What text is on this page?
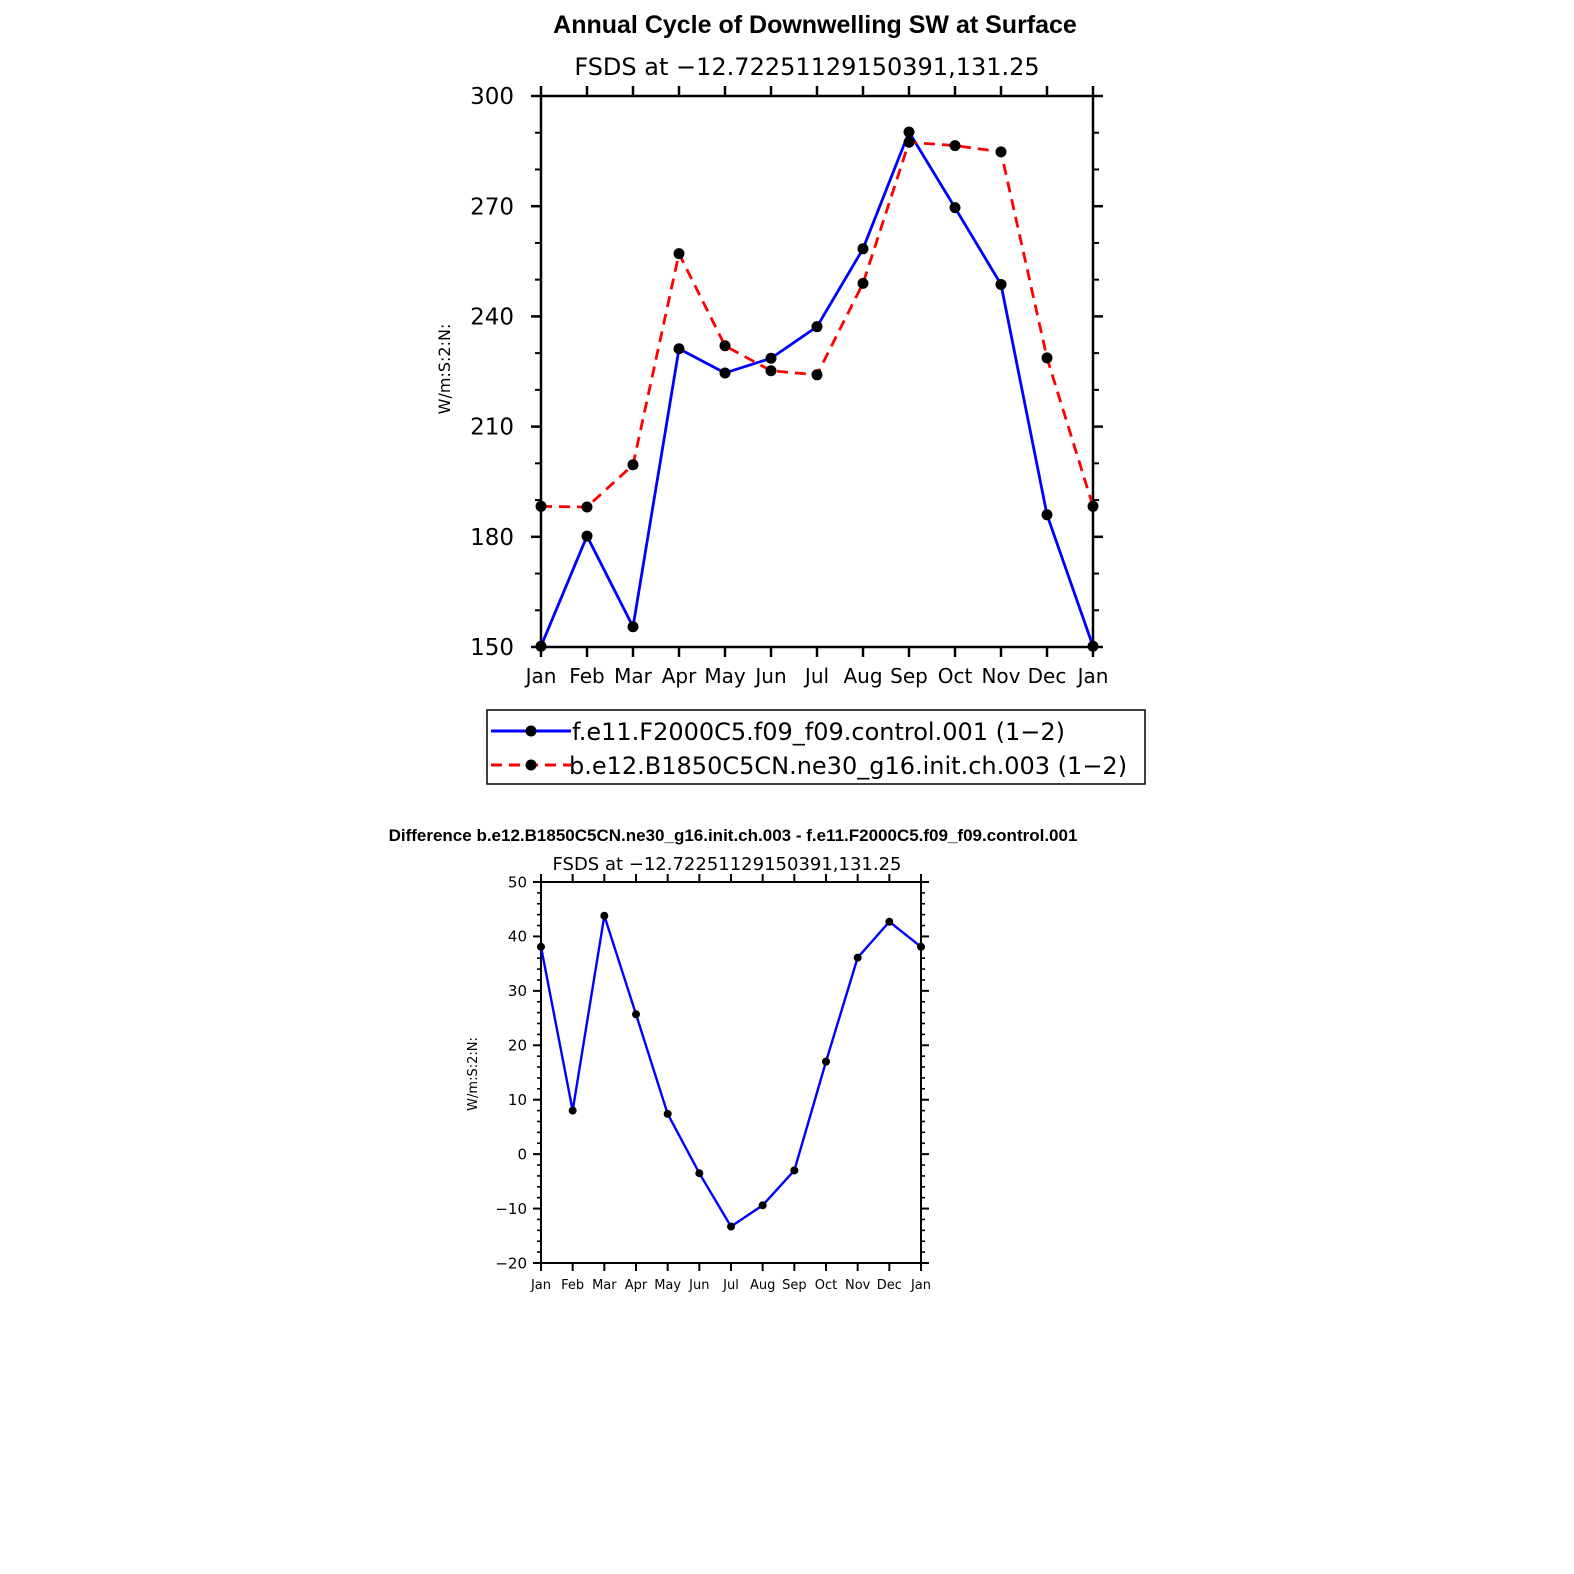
Annual Cycle of Downwelling SW at Surface
FSDS at −12.72251129150391,131.25
W/m:S:2:N:
Jan Feb Mar Apr May Jun Jul Aug Sep Oct Nov Dec Jan
150
180
210
240
270
300
f.e11.F2000C5.f09_f09.control.001 (1−2)
b.e12.B1850C5CN.ne30_g16.init.ch.003 (1−2)
Difference b.e12.B1850C5CN.ne30_g16.init.ch.003 - f.e11.F2000C5.f09_f09.control.001
FSDS at −12.72251129150391,131.25
W/m:S:2:N:
Jan Feb Mar Apr May Jun Jul Aug Sep Oct Nov Dec Jan
−20
−10
0
10
20
30
40
50
